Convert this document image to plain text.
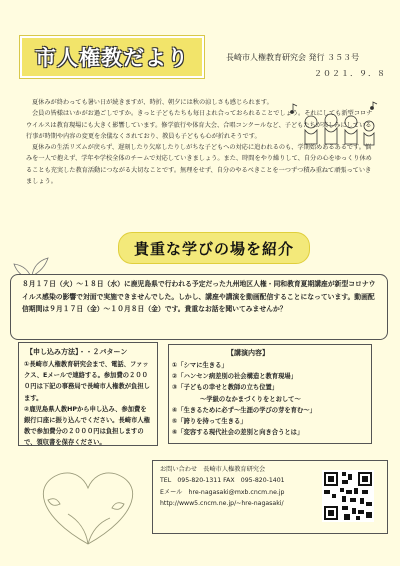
市人権教だより	長崎市人権教育研究会 発行 ３５３号
２０２１．９．８

夏休みが終わっても暑い日が続きますが、時折、朝夕には秋の涼しさも感じられます。

会員の皆様はいかがお過ごしですか。きっと子どもたちも毎日よれ合っておられることでしょう。それにしても新型コロナウイルスは教育現場にも大きく影響しています。修学旅行や体育大会、合唱コンクールなど、子どもたちが楽しみにしている行事が時期や内容の変更を余儀なくされており、教員も子どもも心が折れそうです。

夏休みの生活リズムが戻らず、遅刻したり欠席したりしがちな子どもへの対応に追われるのも、学期始めあるあるです。悩みを一人で抱えず、学年や学校全体のチームで対応していきましょう。また、時間をやり繰りして、自分の心をゆっくり休めることも充実した教育活動につながる大切なことです。無理をせず、自分のやるべきことを一つずつ積み重ねて頑張っていきましょう。

貴重な学びの場を紹介
８月１７日（火）～１８日（水）に鹿児島県で行われる予定だった九州地区人権・同和教育夏期講座が新型コロナウイルス感染の影響で対面で実施できませんでした。しかし、講座や講演を動画配信することになっています。動画配信期間は９月１７日（金）～１０月８日（金）です。貴重なお話を聞いてみませんか？
【申し込み方法】・・２パターン
①長崎市人権教育研究会まで、電話、ファックス、Eメールで連絡する。参加費の２０００円は下記の事務局で長崎市人権教が負担します。
②鹿児島県人教HPから申し込み、参加費を銀行口座に振り込んでください。長崎市人権教で参加費分の２０００円は負担しますので、領収書を保存ください。
【講演内容】
①「シマに生きる」
②「ハンセン病差別の社会構造と教育現場」
③「子どもの幸せと教師の立ち位置」
～学級のなかまづくりをとおして～
④「生きるために必ず～生涯の学びの芽を育む～」
⑤「誇りを持って生きる」
⑥「変容する現代社会の差別と向き合うとは」
お問い合わせ　長崎市人権教育研究会
TEL　095-820-1311 FAX　095-820-1401
Eメール　hre-nagasaki@mxb.cncm.ne.jp
http://www5.cncm.ne.jp/~hre-nagasaki/
